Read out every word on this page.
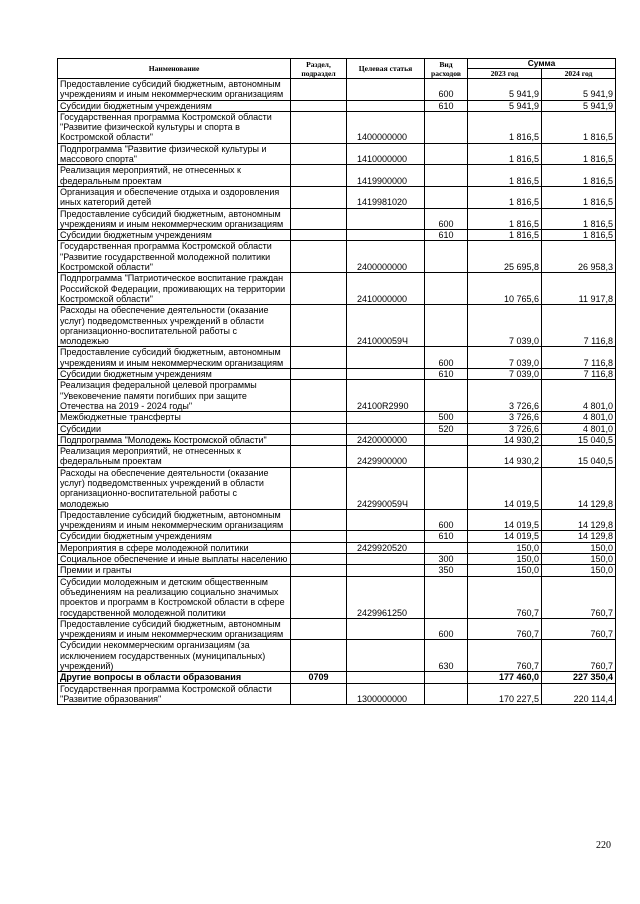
Наименование	Раздел, подраздел	Целевая статья	Вид расходов	Сумма	
				2023 год	2024 год
Предоставление субсидий бюджетным, автономным учреждениям и иным некоммерческим организациям			600	5 941,9	5 941,9
Субсидии бюджетным учреждениям			610	5 941,9	5 941,9
Государственная программа Костромской области "Развитие физической культуры и спорта в Костромской области"		1400000000		1 816,5	1 816,5
Подпрограмма "Развитие физической культуры и массового спорта"		1410000000		1 816,5	1 816,5
Реализация мероприятий, не отнесенных к федеральным проектам		1419900000		1 816,5	1 816,5
Организация и обеспечение отдыха и оздоровления иных категорий детей		1419981020		1 816,5	1 816,5
Предоставление субсидий бюджетным, автономным учреждениям и иным некоммерческим организациям			600	1 816,5	1 816,5
Субсидии бюджетным учреждениям			610	1 816,5	1 816,5
Государственная программа Костромской области "Развитие государственной молодежной политики Костромской области"		2400000000		25 695,8	26 958,3
Подпрограмма "Патриотическое воспитание граждан Российской Федерации, проживающих на территории Костромской области"		2410000000		10 765,6	11 917,8
Расходы на обеспечение деятельности (оказание услуг) подведомственных учреждений в области организационно-воспитательной работы с молодежью		241000059Ч		7 039,0	7 116,8
Предоставление субсидий бюджетным, автономным учреждениям и иным некоммерческим организациям			600	7 039,0	7 116,8
Субсидии бюджетным учреждениям			610	7 039,0	7 116,8
Реализация федеральной целевой программы "Увековечение памяти погибших при защите Отечества на 2019 - 2024 годы"		24100R2990		3 726,6	4 801,0
Межбюджетные трансферты			500	3 726,6	4 801,0
Субсидии			520	3 726,6	4 801,0
Подпрограмма "Молодежь Костромской области"		2420000000		14 930,2	15 040,5
Реализация мероприятий, не отнесенных к федеральным проектам		2429900000		14 930,2	15 040,5
Расходы на обеспечение деятельности (оказание услуг) подведомственных учреждений в области организационно-воспитательной работы с молодежью		242990059Ч		14 019,5	14 129,8
Предоставление субсидий бюджетным, автономным учреждениям и иным некоммерческим организациям			600	14 019,5	14 129,8
Субсидии бюджетным учреждениям			610	14 019,5	14 129,8
Мероприятия в сфере молодежной политики		2429920520		150,0	150,0
Социальное обеспечение и иные выплаты населению			300	150,0	150,0
Премии и гранты			350	150,0	150,0
Субсидии молодежным и детским общественным объединениям на реализацию социально значимых проектов и программ в Костромской области в сфере государственной молодежной политики		2429961250		760,7	760,7
Предоставление субсидий бюджетным, автономным учреждениям и иным некоммерческим организациям			600	760,7	760,7
Субсидии некоммерческим организациям (за исключением государственных (муниципальных) учреждений)			630	760,7	760,7
Другие вопросы в области образования	0709			177 460,0	227 350,4
Государственная программа Костромской области "Развитие образования"		1300000000		170 227,5	220 114,4
220
